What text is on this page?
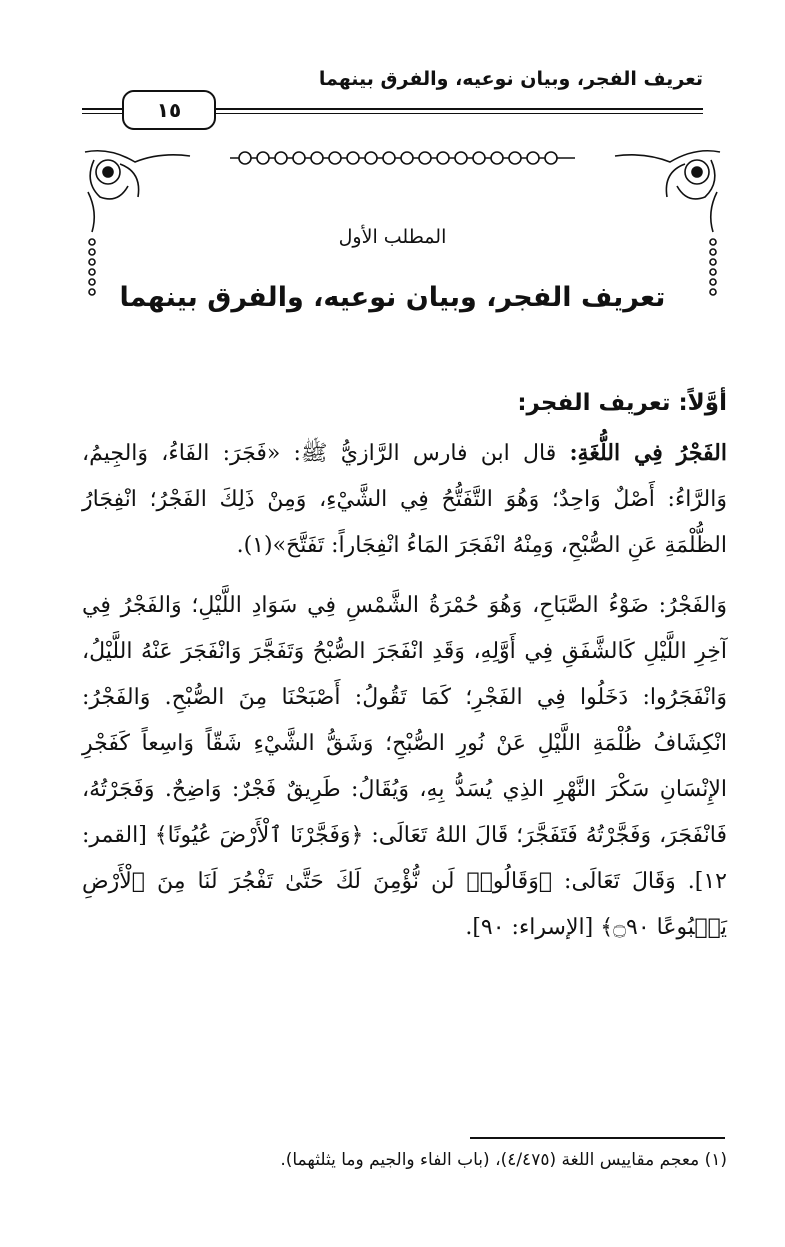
تعريف الفجر، وبيان نوعيه، والفرق بينهما
١٥
المطلب الأول
تعريف الفجر، وبيان نوعيه، والفرق بينهما

أوَّلاً: تعريف الفجر:

الفَجْرُ فِي اللُّغَةِ: قال ابن فارس الرَّازيُّ ﷺ: «فَجَرَ: الفَاءُ، وَالجِيمُ، وَالرَّاءُ: أَصْلٌ وَاحِدٌ؛ وَهُوَ التَّفَتُّحُ فِي الشَّيْءِ، وَمِنْ ذَلِكَ الفَجْرُ؛ انْفِجَارُ الظُّلْمَةِ عَنِ الصُّبْحِ، وَمِنْهُ انْفَجَرَ المَاءُ انْفِجَاراً: تَفَتَّحَ»(١).

وَالفَجْرُ: ضَوْءُ الصَّبَاحِ، وَهُوَ حُمْرَةُ الشَّمْسِ فِي سَوَادِ اللَّيْلِ؛ وَالفَجْرُ فِي آخِرِ اللَّيْلِ كَالشَّفَقِ فِي أَوَّلِهِ، وَقَدِ انْفَجَرَ الصُّبْحُ وَتَفَجَّرَ وَانْفَجَرَ عَنْهُ اللَّيْلُ، وَانْفَجَرُوا: دَخَلُوا فِي الفَجْرِ؛ كَمَا تَقُولُ: أَصْبَحْنَا مِنَ الصُّبْحِ. وَالفَجْرُ: انْكِشَافُ ظُلْمَةِ اللَّيْلِ عَنْ نُورِ الصُّبْحِ؛ وَشَقُّ الشَّيْءِ شَقّاً وَاسِعاً كَفَجْرِ الإِنْسَانِ سَكْرَ النَّهْرِ الذِي يُسَدُّ بِهِ، وَيُقَالُ: طَرِيقٌ فَجْرٌ: وَاضِحٌ. وَفَجَرْتُهُ، فَانْفَجَرَ، وَفَجَّرْتُهُ فَتَفَجَّرَ؛ قَالَ اللهُ تَعَالَى: ﴿وَفَجَّرْنَا ٱلْأَرْضَ عُيُونًا﴾ [القمر: ١٢]. وَقَالَ تَعَالَى: ﴿وَقَالُوا۟ لَن نُّؤْمِنَ لَكَ حَتَّىٰ تَفْجُرَ لَنَا مِنَ ٱلْأَرْضِ يَنۢبُوعًا ۝٩٠﴾ [الإسراء: ٩٠].

(١) معجم مقاييس اللغة (٤/٤٧٥)، (باب الفاء والجيم وما يثلثهما).
